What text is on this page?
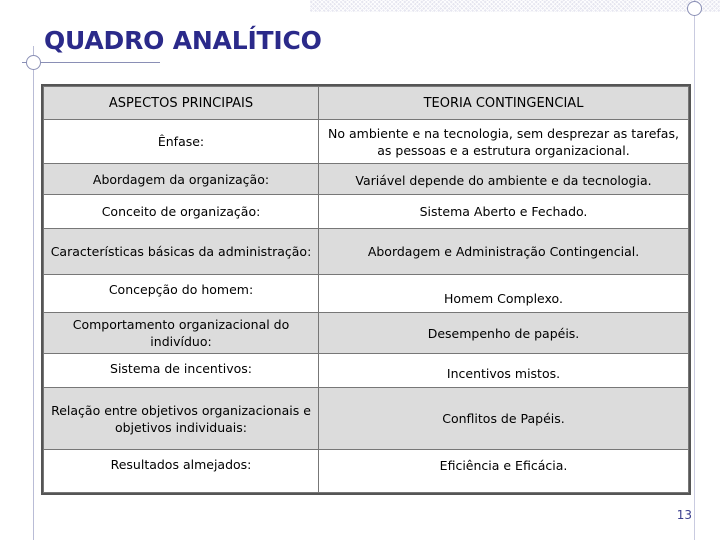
QUADRO ANALÍTICO
ASPECTOS PRINCIPAIS	TEORIA CONTINGENCIAL
Ênfase:	No ambiente e na tecnologia, sem desprezar as tarefas, as pessoas e a estrutura organizacional.
Abordagem da organização:	Variável depende do ambiente e da tecnologia.
Conceito de organização:	Sistema Aberto e Fechado.
Características básicas da administração:	Abordagem e Administração Contingencial.
Concepção do homem:	Homem Complexo.
Comportamento organizacional do indivíduo:	Desempenho de papéis.
Sistema de incentivos:	Incentivos mistos.
Relação entre objetivos organizacionais e objetivos individuais:	Conflitos de Papéis.
Resultados almejados:	Eficiência e Eficácia.
13
